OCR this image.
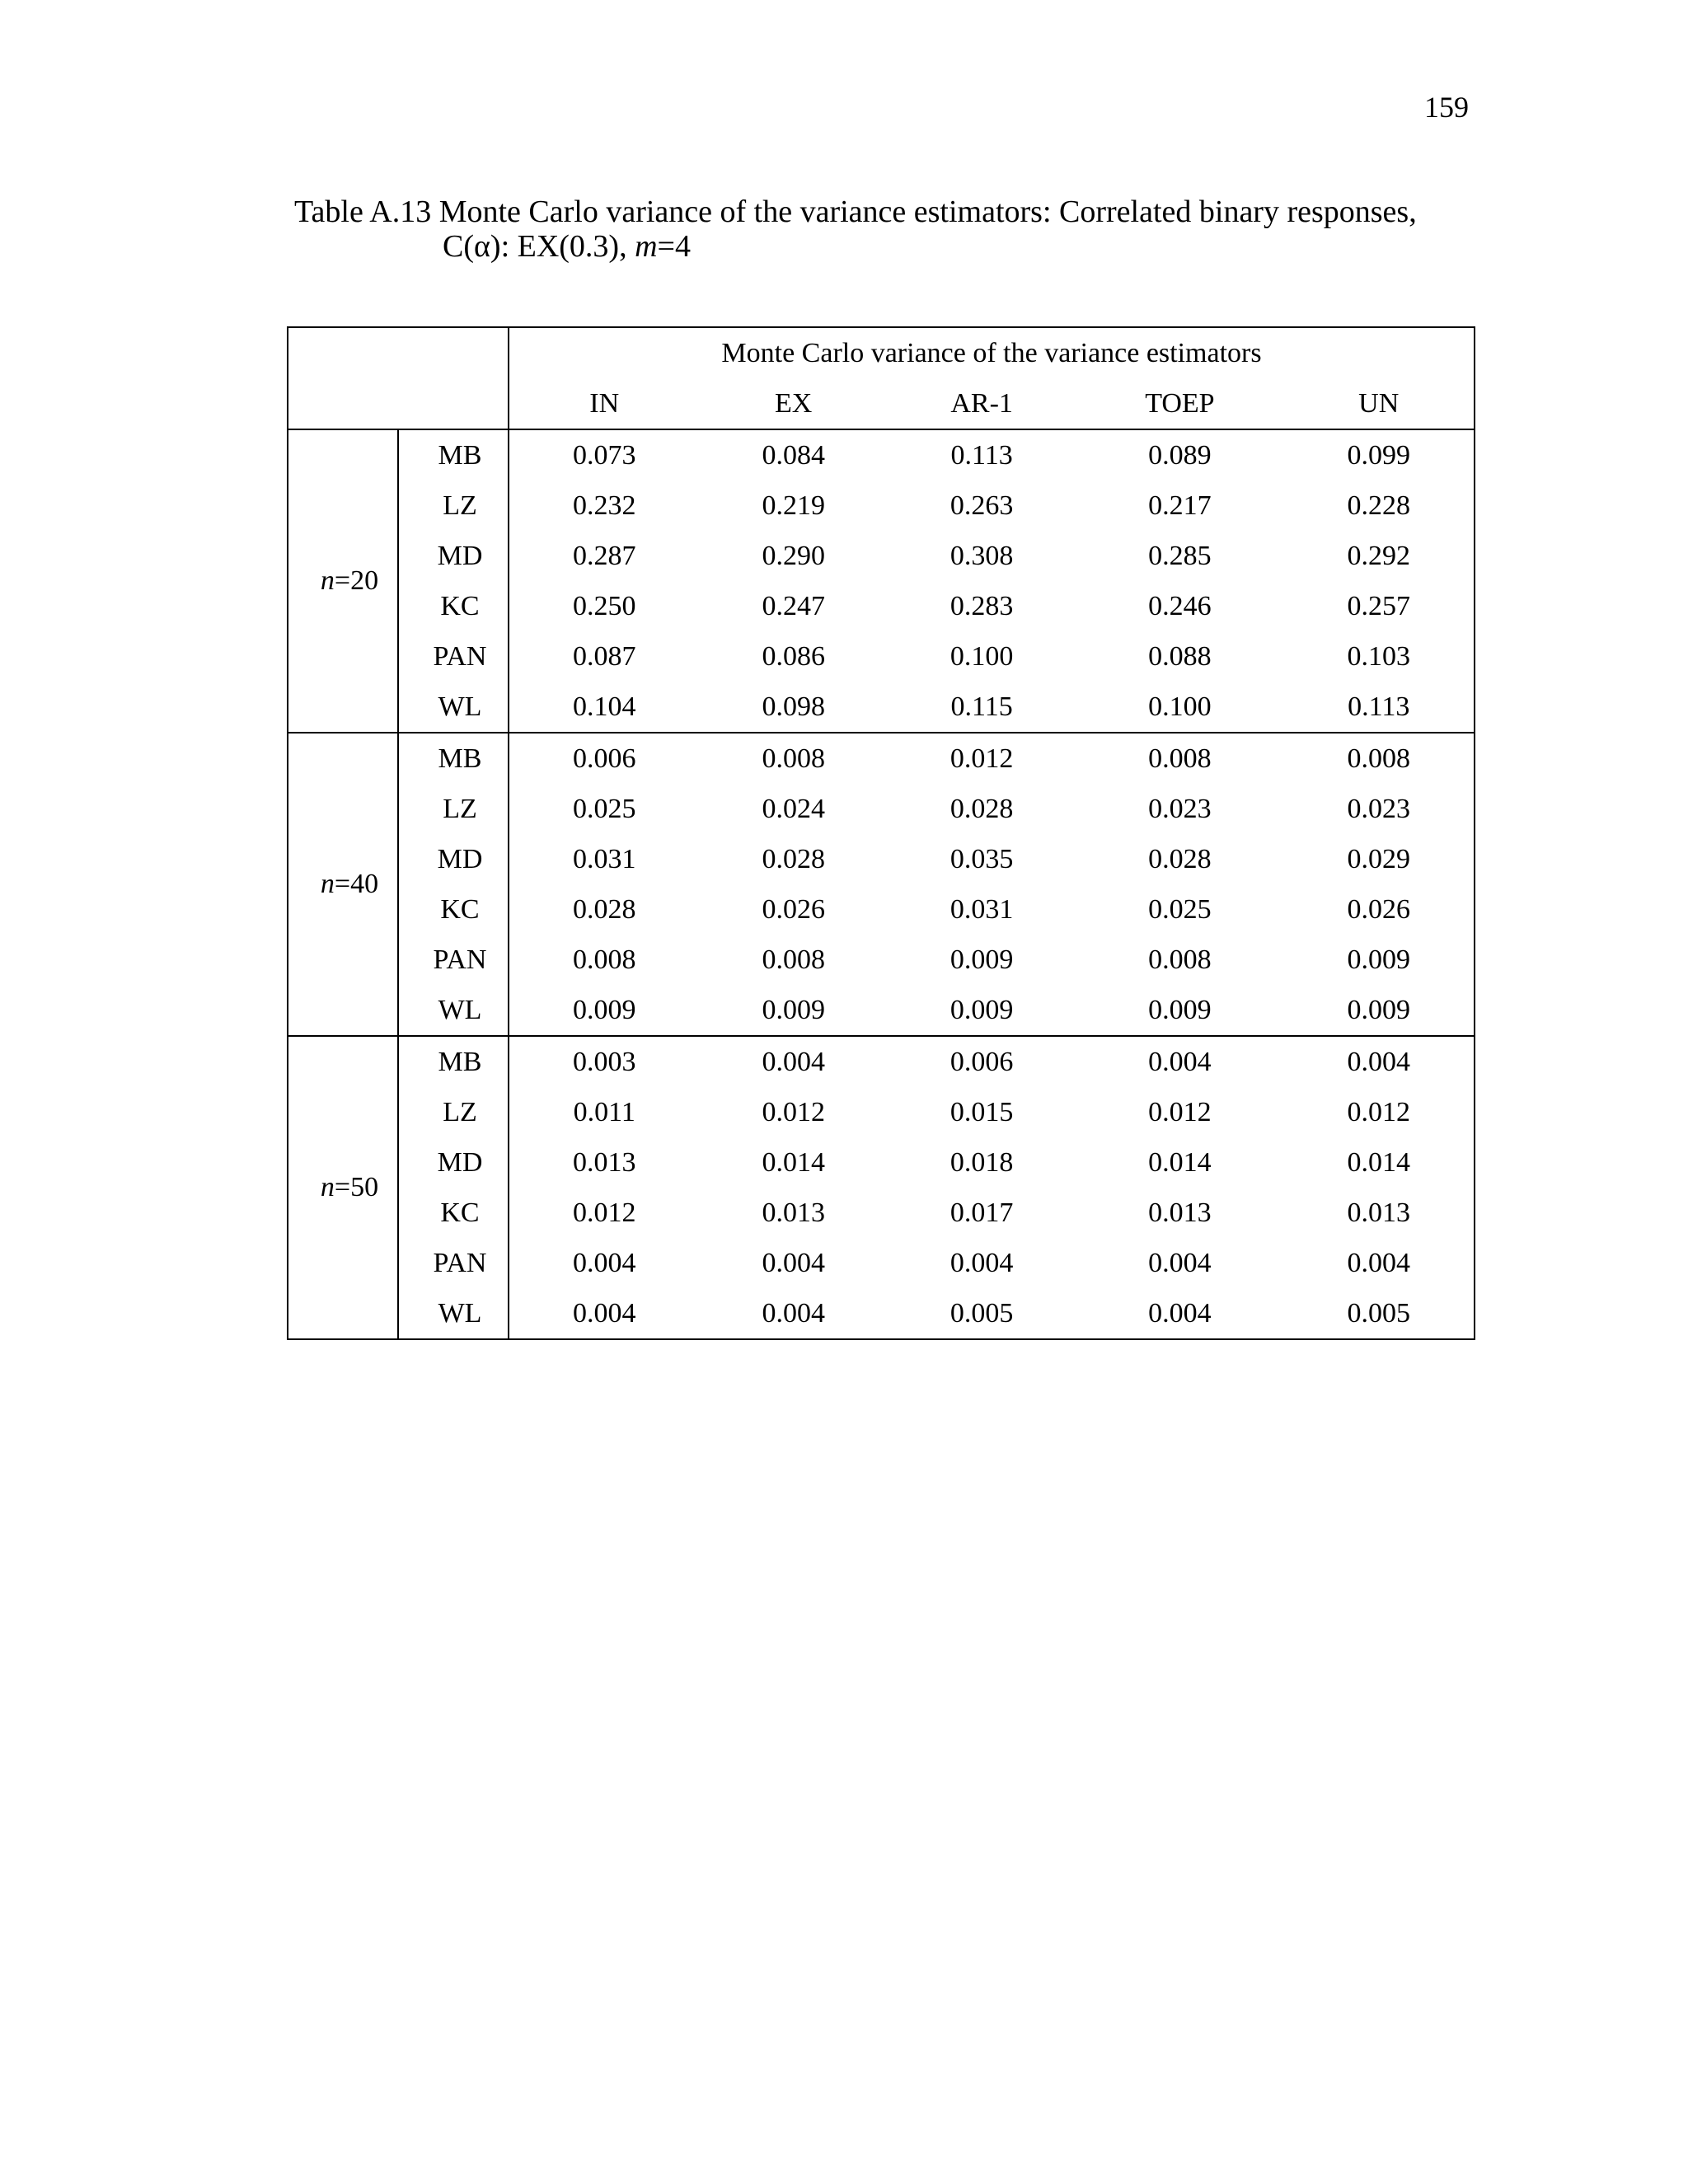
159
Table A.13 Monte Carlo variance of the variance estimators: Correlated binary responses,
C(α): EX(0.3), m=4
		Monte Carlo variance of the variance estimators				
		IN	EX	AR-1	TOEP	UN
n=20	MB	0.073	0.084	0.113	0.089	0.099
	LZ	0.232	0.219	0.263	0.217	0.228
	MD	0.287	0.290	0.308	0.285	0.292
	KC	0.250	0.247	0.283	0.246	0.257
	PAN	0.087	0.086	0.100	0.088	0.103
	WL	0.104	0.098	0.115	0.100	0.113
n=40	MB	0.006	0.008	0.012	0.008	0.008
	LZ	0.025	0.024	0.028	0.023	0.023
	MD	0.031	0.028	0.035	0.028	0.029
	KC	0.028	0.026	0.031	0.025	0.026
	PAN	0.008	0.008	0.009	0.008	0.009
	WL	0.009	0.009	0.009	0.009	0.009
n=50	MB	0.003	0.004	0.006	0.004	0.004
	LZ	0.011	0.012	0.015	0.012	0.012
	MD	0.013	0.014	0.018	0.014	0.014
	KC	0.012	0.013	0.017	0.013	0.013
	PAN	0.004	0.004	0.004	0.004	0.004
	WL	0.004	0.004	0.005	0.004	0.005
